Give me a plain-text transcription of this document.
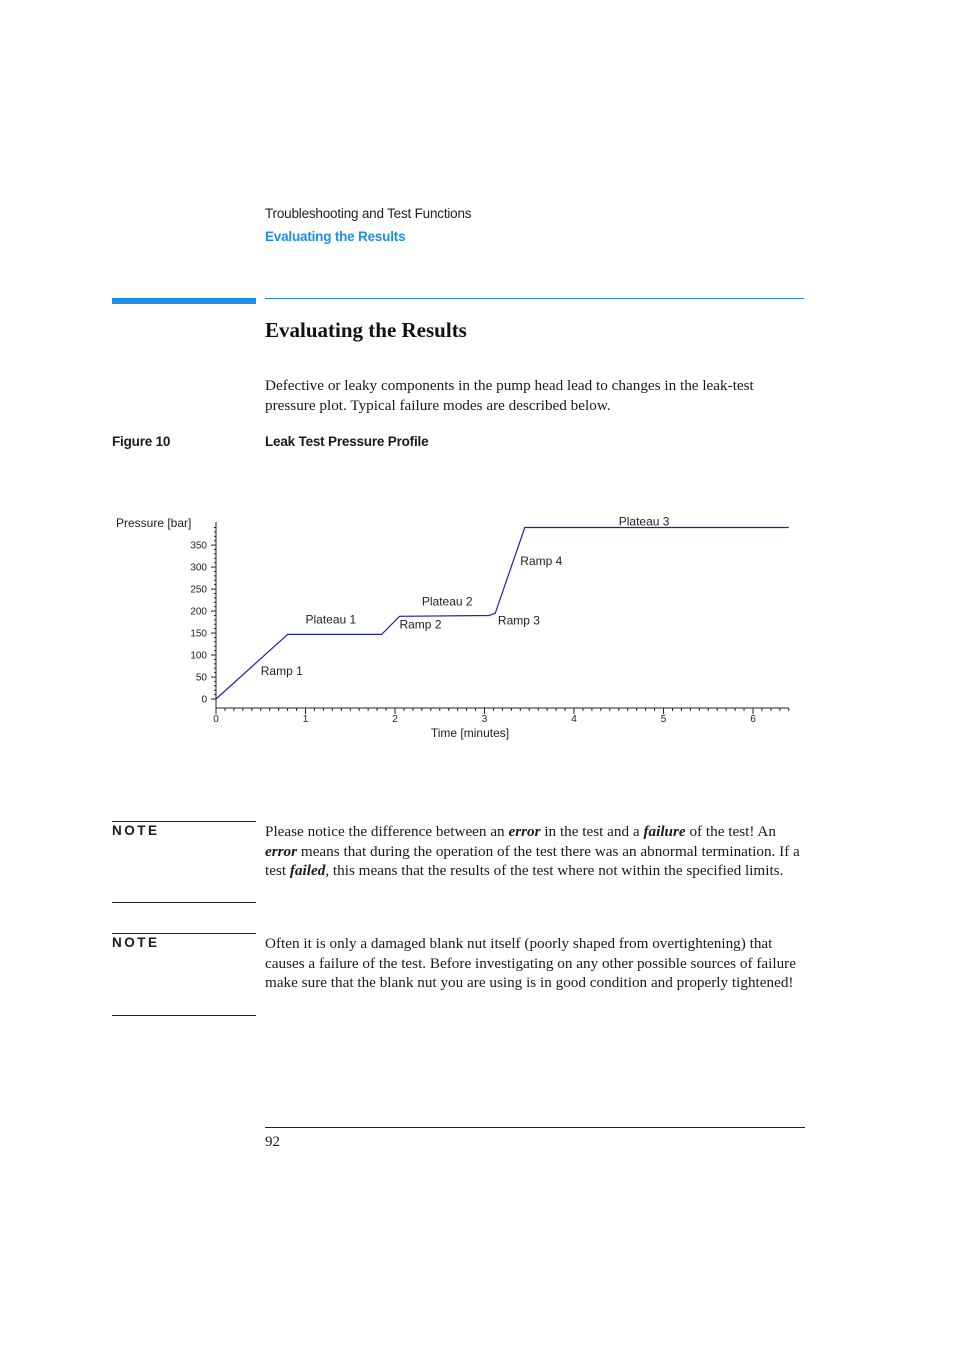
Troubleshooting and Test Functions
Evaluating the Results
Evaluating the Results
Defective or leaky components in the pump head lead to changes in the leak-test pressure plot. Typical failure modes are described below.
Figure 10	Leak Test Pressure Profile
0
50
100
150
200
250
300
350
0	1	2	3	4	5	6
Pressure [bar]
Time [minutes]
Ramp 1
Plateau 1	Ramp 2
Plateau 2
Ramp 3
Ramp 4
Plateau 3
NOTE	Please notice the difference between an error in the test and a failure of the test! An error means that during the operation of the test there was an abnormal termination. If a test failed, this means that the results of the test where not within the specified limits.
NOTE	Often it is only a damaged blank nut itself (poorly shaped from overtightening) that causes a failure of the test. Before investigating on any other possible sources of failure make sure that the blank nut you are using is in good condition and properly tightened!
92
